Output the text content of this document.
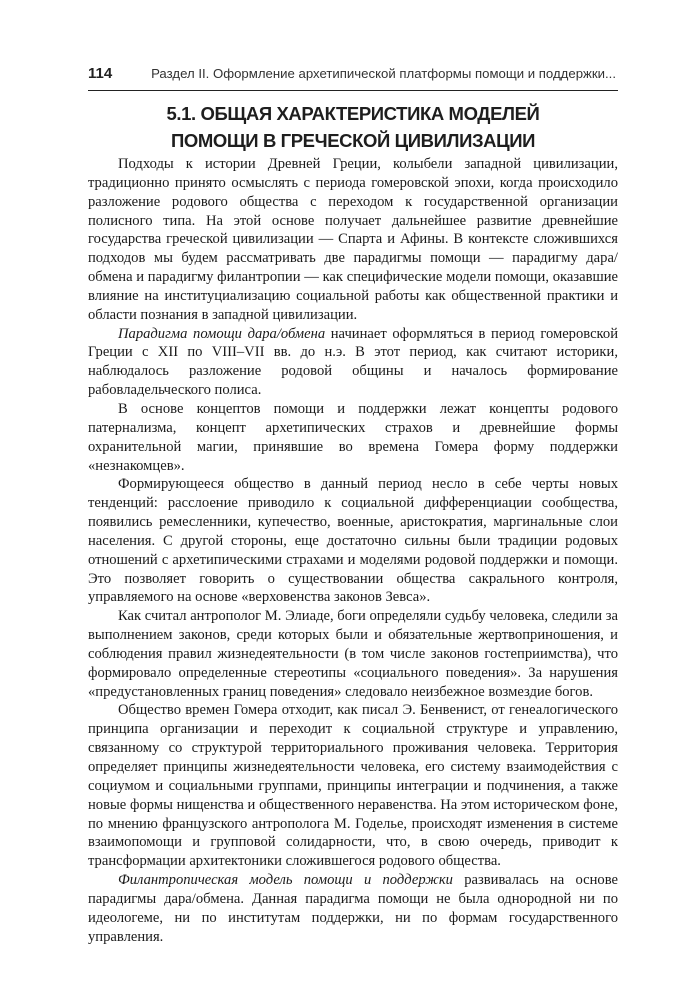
114	Раздел II. Оформление архетипической платформы помощи и поддержки...
5.1. ОБЩАЯ ХАРАКТЕРИСТИКА МОДЕЛЕЙ
ПОМОЩИ В ГРЕЧЕСКОЙ ЦИВИЛИЗАЦИИ

Подходы к истории Древней Греции, колыбели западной цивилизации, традиционно принято осмыслять с периода гомеровской эпохи, когда происходило разложение родового общества с переходом к государственной организации полисного типа. На этой основе получает дальнейшее развитие древнейшие государства греческой цивилизации — Спарта и Афины. В контексте сложившихся подходов мы будем рассматривать две парадигмы помощи — парадигму дара/обмена и парадигму филантропии — как специфические модели помощи, оказавшие влияние на институциализацию социальной работы как общественной практики и области познания в западной цивилизации.

Парадигма помощи дара/обмена начинает оформляться в период гомеровской Греции с XII по VIII–VII вв. до н.э. В этот период, как считают историки, наблюдалось разложение родовой общины и началось формирование рабовладельческого полиса.

В основе концептов помощи и поддержки лежат концепты родового патернализма, концепт архетипических страхов и древнейшие формы охранительной магии, принявшие во времена Гомера форму поддержки «незнакомцев».

Формирующееся общество в данный период несло в себе черты новых тенденций: расслоение приводило к социальной дифференциации сообщества, появились ремесленники, купечество, военные, аристократия, маргинальные слои населения. С другой стороны, еще достаточно сильны были традиции родовых отношений с архетипическими страхами и моделями родовой поддержки и помощи. Это позволяет говорить о существовании общества сакрального контроля, управляемого на основе «верховенства законов Зевса».

Как считал антрополог М. Элиаде, боги определяли судьбу человека, следили за выполнением законов, среди которых были и обязательные жертвоприношения, и соблюдения правил жизнедеятельности (в том числе законов гостеприимства), что формировало определенные стереотипы «социального поведения». За нарушения «предустановленных границ поведения» следовало неизбежное возмездие богов.

Общество времен Гомера отходит, как писал Э. Бенвенист, от генеалогического принципа организации и переходит к социальной структуре и управлению, связанному со структурой территориального проживания человека. Территория определяет принципы жизнедеятельности человека, его систему взаимодействия с социумом и социальными группами, принципы интеграции и подчинения, а также новые формы нищенства и общественного неравенства. На этом историческом фоне, по мнению французского антрополога М. Годелье, происходят изменения в системе взаимопомощи и групповой солидарности, что, в свою очередь, приводит к трансформации архитектоники сложившегося родового общества.

Филантропическая модель помощи и поддержки развивалась на основе парадигмы дара/обмена. Данная парадигма помощи не была однородной ни по идеологеме, ни по институтам поддержки, ни по формам государственного управления.
